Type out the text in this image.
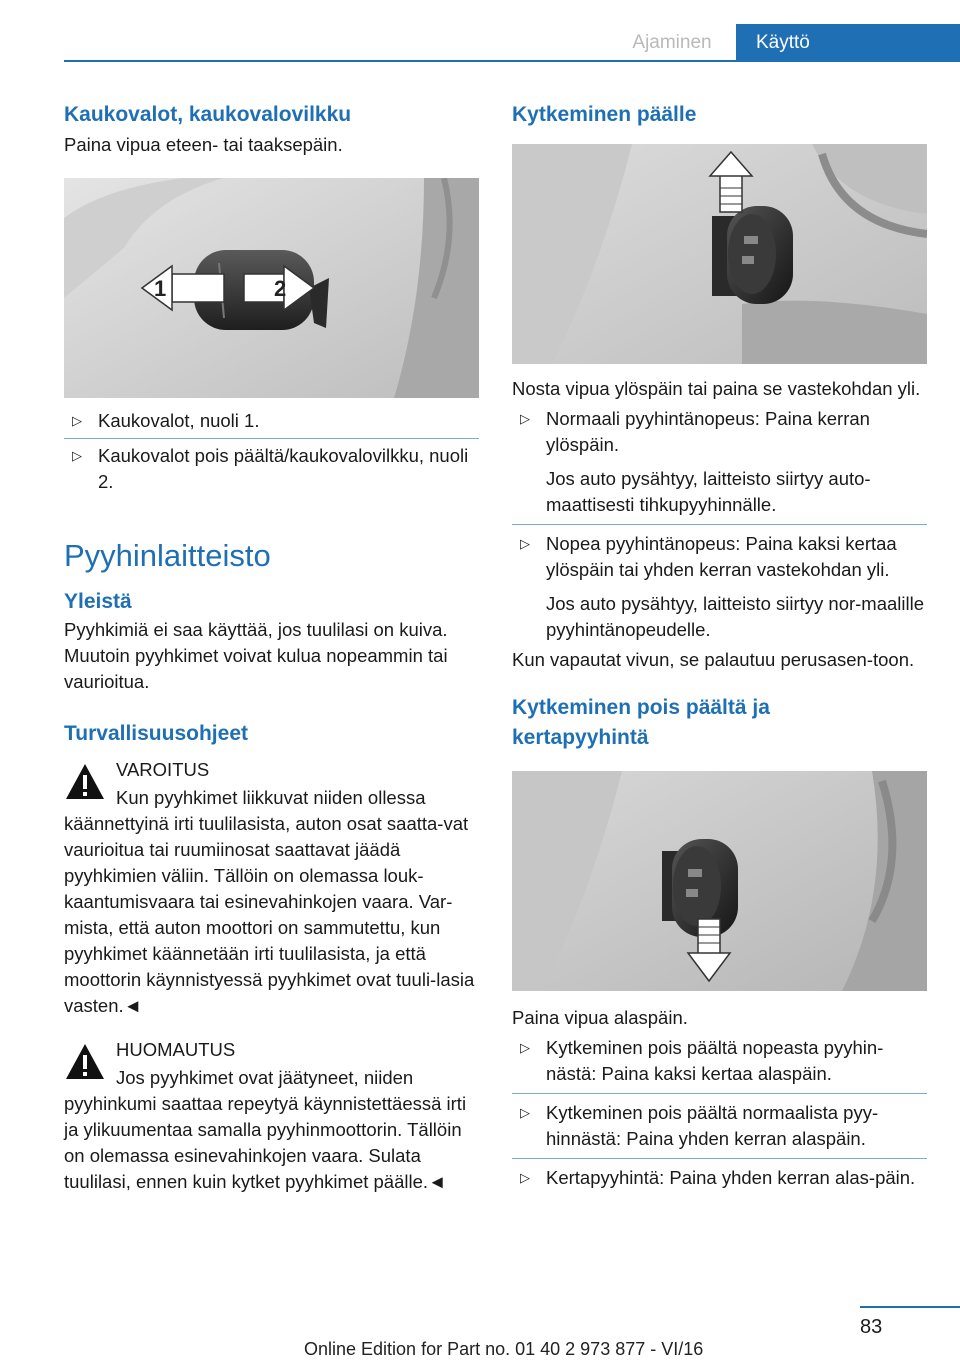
Ajaminen	Käyttö
Kaukovalot, kaukovalovilkku

Paina vipua eteen- tai taaksepäin.

1	2
▷ Kaukovalot, nuoli 1.
▷ Kaukovalot pois päältä/kaukovalovilkku, nuoli 2.
Pyyhinlaitteisto
Yleistä

Pyyhkimiä ei saa käyttää, jos tuulilasi on kuiva. Muutoin pyyhkimet voivat kulua nopeammin tai vaurioitua.

Turvallisuusohjeet

VAROITUS

Kun pyyhkimet liikkuvat niiden ollessa käännettyinä irti tuulilasista, auton osat saatta-vat vaurioitua tai ruumiinosat saattavat jäädä pyyhkimien väliin. Tällöin on olemassa louk-kaantumisvaara tai esinevahinkojen vaara. Var-mista, että auton moottori on sammutettu, kun pyyhkimet käännetään irti tuulilasista, ja että moottorin käynnistyessä pyyhkimet ovat tuuli-lasia vasten.◄

HUOMAUTUS

Jos pyyhkimet ovat jäätyneet, niiden pyyhinkumi saattaa repeytyä käynnistettäessä irti ja ylikuumentaa samalla pyyhinmoottorin. Tällöin on olemassa esinevahinkojen vaara. Sulata tuulilasi, ennen kuin kytket pyyhkimet päälle.◄

Kytkeminen päälle

Nosta vipua ylöspäin tai paina se vastekohdan yli.

▷ Normaali pyyhintänopeus: Paina kerran ylöspäin.

Jos auto pysähtyy, laitteisto siirtyy auto-maattisesti tihkupyyhinnälle.

▷ Nopea pyyhintänopeus: Paina kaksi kertaa ylöspäin tai yhden kerran vastekohdan yli.

Jos auto pysähtyy, laitteisto siirtyy nor-maalille pyyhintänopeudelle.

Kun vapautat vivun, se palautuu perusasen-toon.

Kytkeminen pois päältä ja kertapyyhintä

Paina vipua alaspäin.

▷ Kytkeminen pois päältä nopeasta pyyhin-nästä: Paina kaksi kertaa alaspäin.
▷ Kytkeminen pois päältä normaalista pyy-hinnästä: Paina yhden kerran alaspäin.
▷ Kertapyyhintä: Paina yhden kerran alas-päin.
83
Online Edition for Part no. 01 40 2 973 877 - VI/16
